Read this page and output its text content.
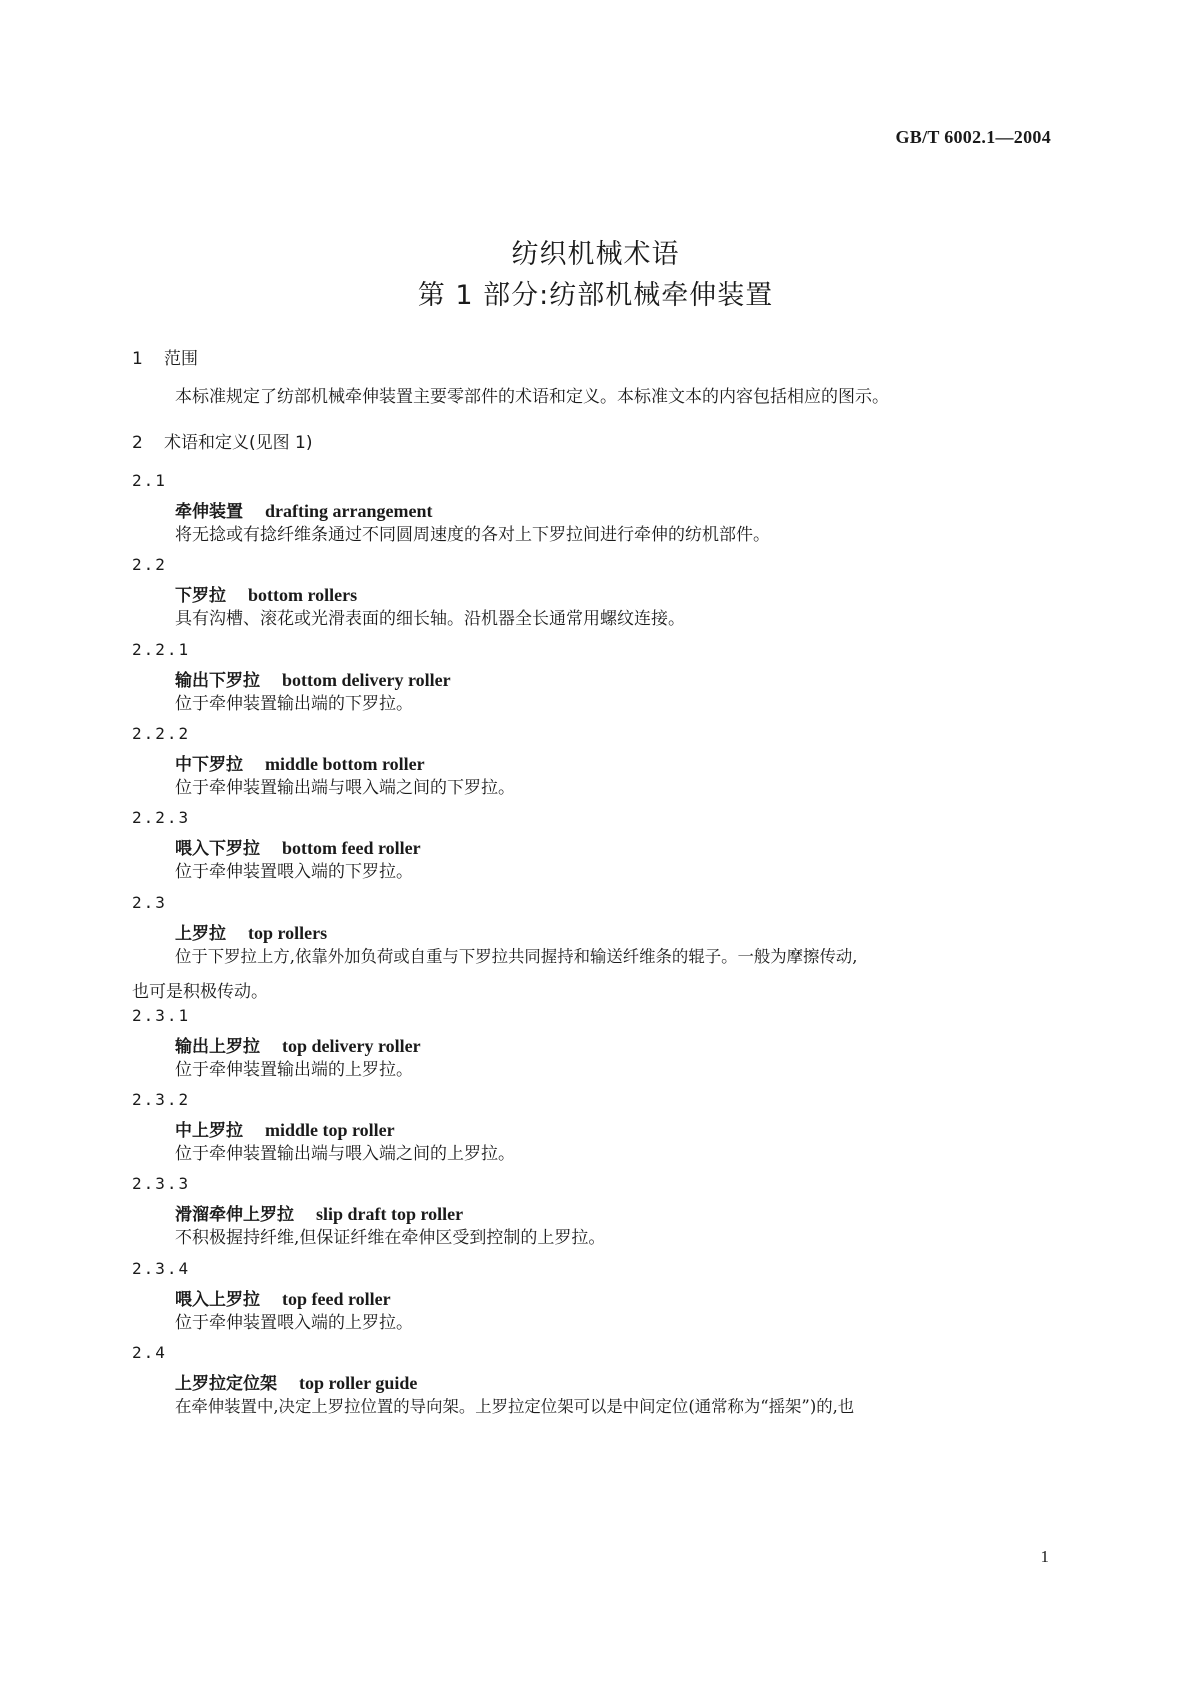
GB/T 6002.1—2004
纺织机械术语
第 1 部分:纺部机械牵伸装置
1 范围
本标准规定了纺部机械牵伸装置主要零部件的术语和定义。本标准文本的内容包括相应的图示。
2 术语和定义(见图 1)
2.1
牵伸装置 drafting arrangement
将无捻或有捻纤维条通过不同圆周速度的各对上下罗拉间进行牵伸的纺机部件。
2.2
下罗拉 bottom rollers
具有沟槽、滚花或光滑表面的细长轴。沿机器全长通常用螺纹连接。
2.2.1
输出下罗拉 bottom delivery roller
位于牵伸装置输出端的下罗拉。
2.2.2
中下罗拉 middle bottom roller
位于牵伸装置输出端与喂入端之间的下罗拉。
2.2.3
喂入下罗拉 bottom feed roller
位于牵伸装置喂入端的下罗拉。
2.3
上罗拉 top rollers
位于下罗拉上方,依靠外加负荷或自重与下罗拉共同握持和输送纤维条的辊子。一般为摩擦传动,
也可是积极传动。
2.3.1
输出上罗拉 top delivery roller
位于牵伸装置输出端的上罗拉。
2.3.2
中上罗拉 middle top roller
位于牵伸装置输出端与喂入端之间的上罗拉。
2.3.3
滑溜牵伸上罗拉 slip draft top roller
不积极握持纤维,但保证纤维在牵伸区受到控制的上罗拉。
2.3.4
喂入上罗拉 top feed roller
位于牵伸装置喂入端的上罗拉。
2.4
上罗拉定位架 top roller guide
在牵伸装置中,决定上罗拉位置的导向架。上罗拉定位架可以是中间定位(通常称为“摇架”)的,也
1
